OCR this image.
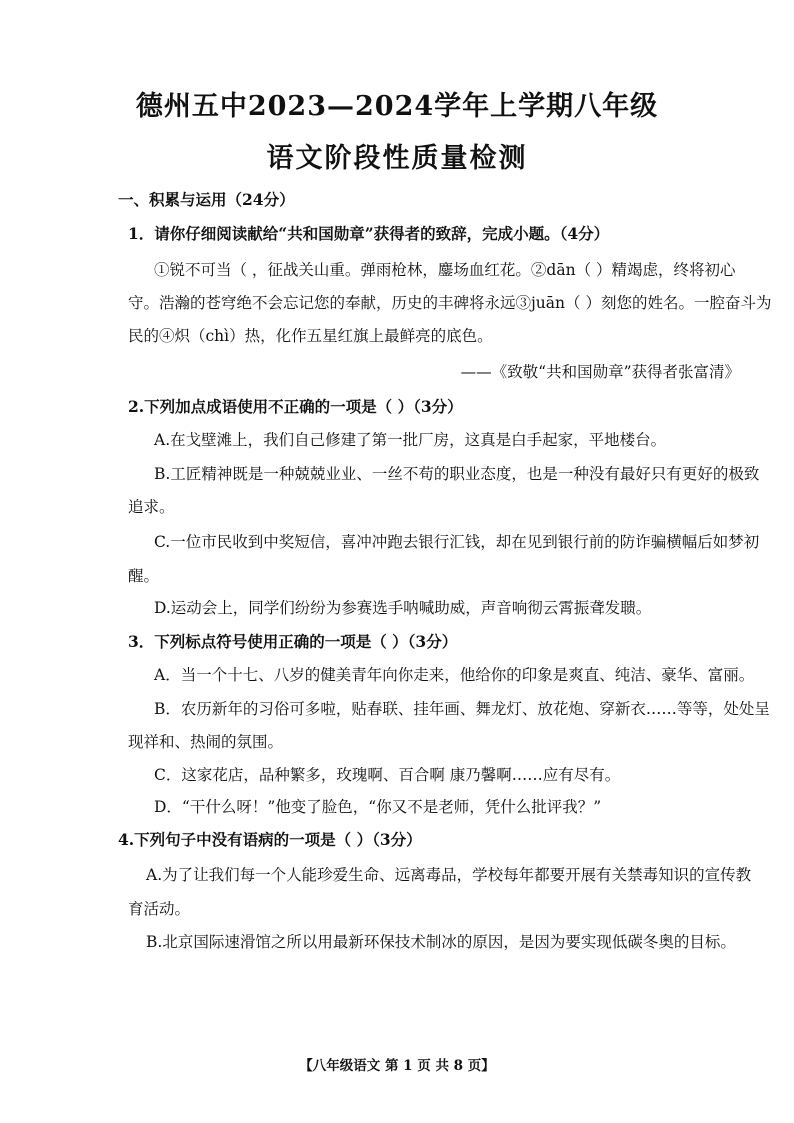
德州五中2023—2024学年上学期八年级
语文阶段性质量检测
一、积累与运用（24分）
1．请你仔细阅读献给“共和国勋章”获得者的致辞，完成小题。（4分）
①锐不可当（ ，征战关山重。弹雨枪林，鏖场血红花。②dān（ ）精竭虑，终将初心
守。浩瀚的苍穹绝不会忘记您的奉献，历史的丰碑将永远③juān（ ）刻您的姓名。一腔奋斗为
民的④炽（chì）热，化作五星红旗上最鲜亮的底色。
——《致敬“共和国勋章”获得者张富清》
2.下列加点成语使用不正确的一项是（ ）（3分）
A.在戈壁滩上，我们自己修建了第一批厂房，这真是白手起家，平地楼台。
B.工匠精神既是一种兢兢业业、一丝不苟的职业态度，也是一种没有最好只有更好的极致
追求。
C.一位市民收到中奖短信，喜冲冲跑去银行汇钱，却在见到银行前的防诈骗横幅后如梦初
醒。
D.运动会上，同学们纷纷为参赛选手呐喊助威，声音响彻云霄振聋发聩。
3．下列标点符号使用正确的一项是（ ）（3分）
A．当一个十七、八岁的健美青年向你走来，他给你的印象是爽直、纯洁、豪华、富丽。
B．农历新年的习俗可多啦，贴春联、挂年画、舞龙灯、放花炮、穿新衣……等等，处处呈
现祥和、热闹的氛围。
C．这家花店，品种繁多，玫瑰啊、百合啊 康乃馨啊……应有尽有。
D．“干什么呀！”他变了脸色，“你又不是老师，凭什么批评我？”
4.下列句子中没有语病的一项是（ ）（3分）
A.为了让我们每一个人能珍爱生命、远离毒品，学校每年都要开展有关禁毒知识的宣传教
育活动。
B.北京国际速滑馆之所以用最新环保技术制冰的原因，是因为要实现低碳冬奥的目标。
【八年级语文 第 1 页 共 8 页】
